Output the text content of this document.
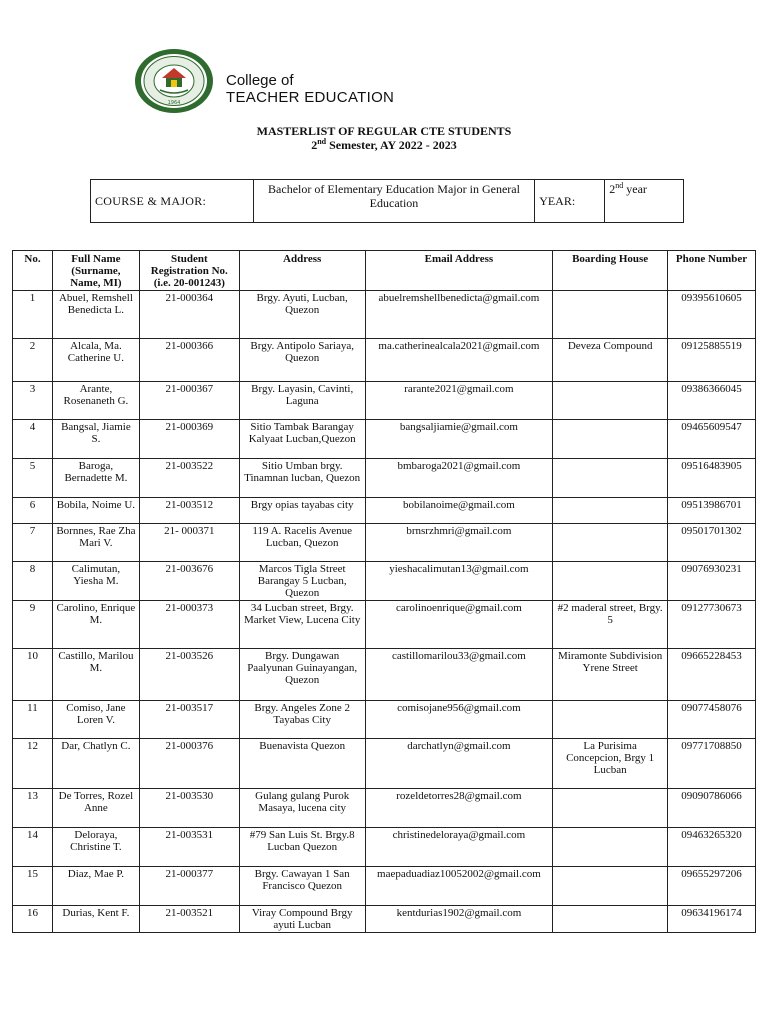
1964
College of
TEACHER EDUCATION
MASTERLIST OF REGULAR CTE STUDENTS
2nd Semester, AY 2022 - 2023
COURSE & MAJOR:	Bachelor of Elementary Education Major in General Education	YEAR:	2nd year
No.	Full Name (Surname, Name, MI)	Student Registration No. (i.e. 20-001243)	Address	Email Address	Boarding House	Phone Number
1	Abuel, Remshell Benedicta L.	21-000364	Brgy. Ayuti, Lucban, Quezon	abuelremshellbenedicta@gmail.com		09395610605
2	Alcala, Ma. Catherine U.	21-000366	Brgy. Antipolo Sariaya, Quezon	ma.catherinealcala2021@gmail.com	Deveza Compound	09125885519
3	Arante, Rosenaneth G.	21-000367	Brgy. Layasin, Cavinti, Laguna	rarante2021@gmail.com		09386366045
4	Bangsal, Jiamie S.	21-000369	Sitio Tambak Barangay Kalyaat Lucban,Quezon	bangsaljiamie@gmail.com		09465609547
5	Baroga, Bernadette M.	21-003522	Sitio Umban brgy. Tinamnan lucban, Quezon	bmbaroga2021@gmail.com		09516483905
6	Bobila, Noime U.	21-003512	Brgy opias tayabas city	bobilanoime@gmail.com		09513986701
7	Bornnes, Rae Zha Mari V.	21- 000371	119 A. Racelis Avenue Lucban, Quezon	brnsrzhmri@gmail.com		09501701302
8	Calimutan, Yiesha M.	21-003676	Marcos Tigla Street Barangay 5 Lucban, Quezon	yieshacalimutan13@gmail.com		09076930231
9	Carolino, Enrique M.	21-000373	34 Lucban street, Brgy. Market View, Lucena City	carolinoenrique@gmail.com	#2 maderal street, Brgy. 5	09127730673
10	Castillo, Marilou M.	21-003526	Brgy. Dungawan Paalyunan Guinayangan, Quezon	castillomarilou33@gmail.com	Miramonte Subdivision Yrene Street	09665228453
11	Comiso, Jane Loren V.	21-003517	Brgy. Angeles Zone 2 Tayabas City	comisojane956@gmail.com		09077458076
12	Dar, Chatlyn C.	21-000376	Buenavista Quezon	darchatlyn@gmail.com	La Purisima Concepcion, Brgy 1 Lucban	09771708850
13	De Torres, Rozel Anne	21-003530	Gulang gulang Purok Masaya, lucena city	rozeldetorres28@gmail.com		09090786066
14	Deloraya, Christine T.	21-003531	#79 San Luis St. Brgy.8 Lucban Quezon	christinedeloraya@gmail.com		09463265320
15	Diaz, Mae P.	21-000377	Brgy. Cawayan 1 San Francisco Quezon	maepaduadiaz10052002@gmail.com		09655297206
16	Durias, Kent F.	21-003521	Viray Compound Brgy ayuti Lucban	kentdurias1902@gmail.com		09634196174
